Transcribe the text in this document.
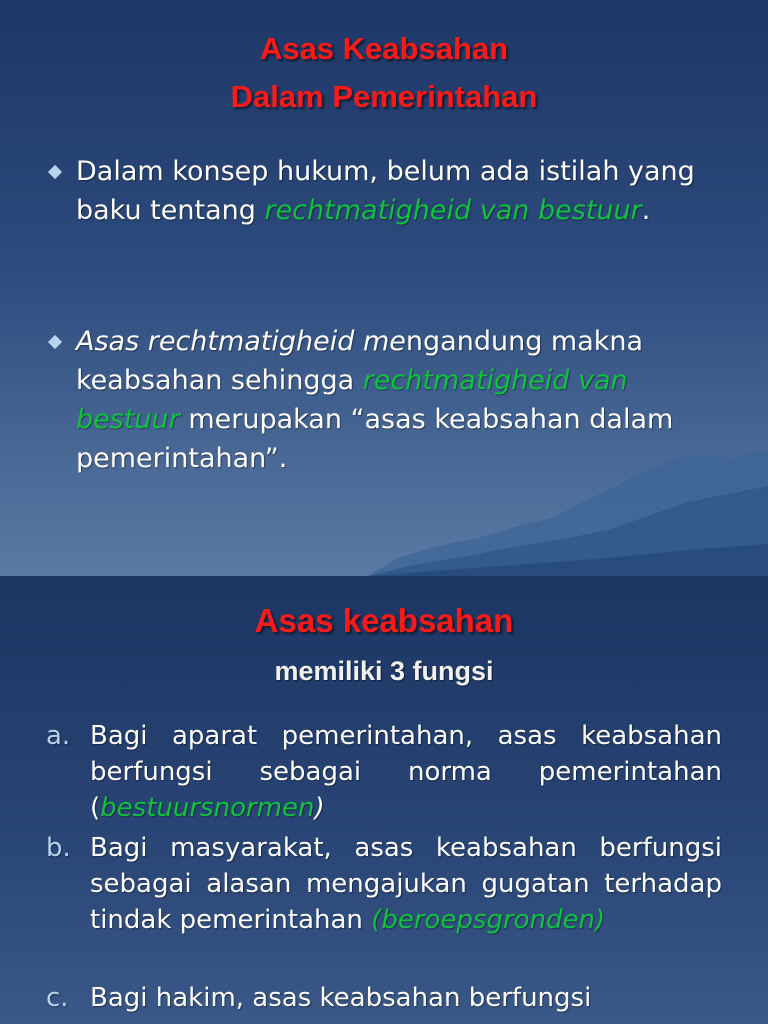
Asas Keabsahan
Dalam Pemerintahan
Dalam konsep hukum, belum ada istilah yang baku tentang rechtmatigheid van bestuur.
Asas rechtmatigheid mengandung makna keabsahan sehingga rechtmatigheid van bestuur merupakan “asas keabsahan dalam pemerintahan”.
Asas keabsahan
memiliki 3 fungsi
a. Bagi aparat pemerintahan, asas keabsahan berfungsi sebagai norma pemerintahan (bestuursnormen)
b. Bagi masyarakat, asas keabsahan berfungsi sebagai alasan mengajukan gugatan terhadap tindak pemerintahan (beroepsgronden)
c. Bagi hakim, asas keabsahan berfungsi
